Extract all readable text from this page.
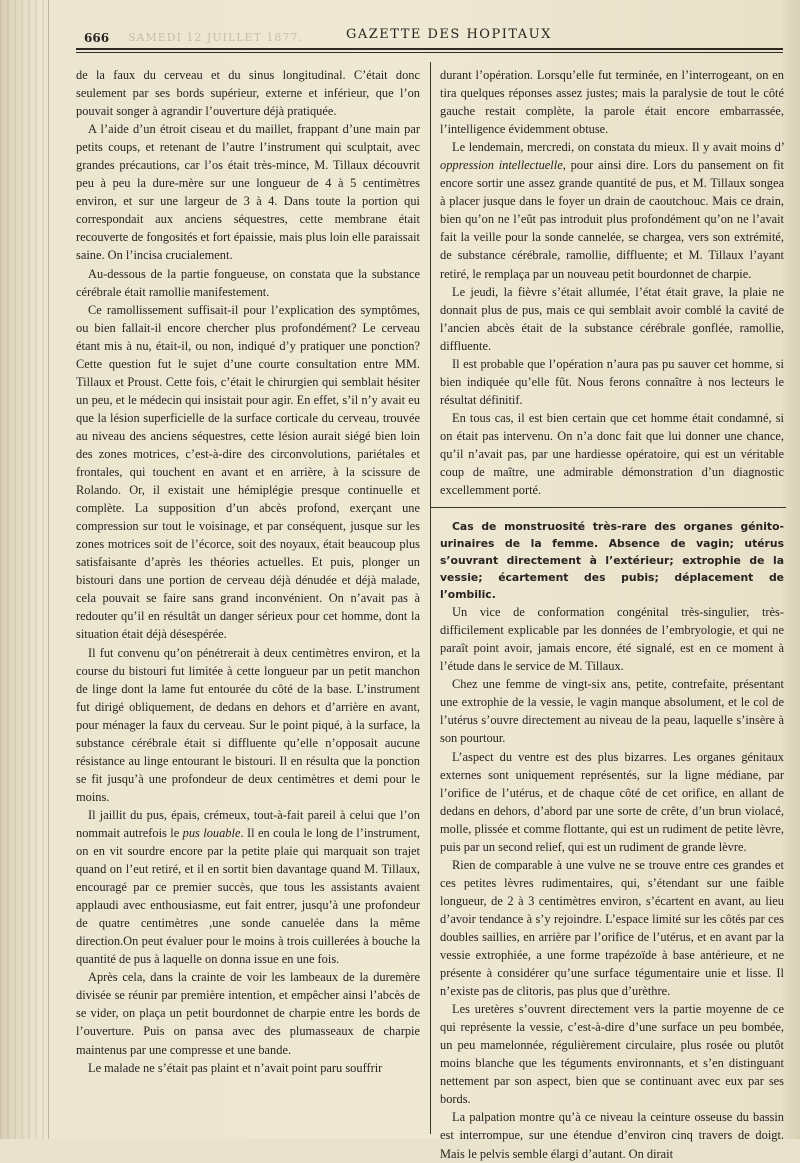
666 SAMEDI 12 JUILLET 1877.	GAZETTE DES HOPITAUX

de la faux du cerveau et du sinus longitudinal. C’était donc seulement par ses bords supérieur, externe et inférieur, que l’on pouvait songer à agrandir l’ouverture déjà pratiquée.

A l’aide d’un étroit ciseau et du maillet, frappant d’une main par petits coups, et retenant de l’autre l’instrument qui sculptait, avec grandes précautions, car l’os était très-mince, M. Tillaux découvrit peu à peu la dure-mère sur une longueur de 4 à 5 centimètres environ, et sur une largeur de 3 à 4. Dans toute la portion qui correspondait aux anciens séquestres, cette membrane était recouverte de fongosités et fort épaissie, mais plus loin elle paraissait saine. On l’incisa crucialement.

Au-dessous de la partie fongueuse, on constata que la substance cérébrale était ramollie manifestement.

Ce ramollissement suffisait-il pour l’explication des symptômes, ou bien fallait-il encore chercher plus profondément? Le cerveau étant mis à nu, était-il, ou non, indiqué d’y pratiquer une ponction? Cette question fut le sujet d’une courte consultation entre MM. Tillaux et Proust. Cette fois, c’était le chirurgien qui semblait hésiter un peu, et le médecin qui insistait pour agir. En effet, s’il n’y avait eu que la lésion superficielle de la surface corticale du cerveau, trouvée au niveau des anciens séquestres, cette lésion aurait siégé bien loin des zones motrices, c’est-à-dire des circonvolutions, pariétales et frontales, qui touchent en avant et en arrière, à la scissure de Rolando. Or, il existait une hémiplégie presque continuelle et complète. La supposition d’un abcès profond, exerçant une compression sur tout le voisinage, et par conséquent, jusque sur les zones motrices soit de l’écorce, soit des noyaux, était beaucoup plus satisfaisante d’après les théories actuelles. Et puis, plonger un bistouri dans une portion de cerveau déjà dénudée et déjà malade, cela pouvait se faire sans grand inconvénient. On n’avait pas à redouter qu’il en résultât un danger sérieux pour cet homme, dont la situation était déjà désespérée.

Il fut convenu qu’on pénétrerait à deux centimètres environ, et la course du bistouri fut limitée à cette longueur par un petit manchon de linge dont la lame fut entourée du côté de la base. L’instrument fut dirigé obliquement, de dedans en dehors et d’arrière en avant, pour ménager la faux du cerveau. Sur le point piqué, à la surface, la substance cérébrale était si diffluente qu’elle n’opposait aucune résistance au linge entourant le bistouri. Il en résulta que la ponction se fit jusqu’à une profondeur de deux centimètres et demi pour le moins.

Il jaillit du pus, épais, crémeux, tout-à-fait pareil à celui que l’on nommait autrefois le pus louable. Il en coula le long de l’instrument, on en vit sourdre encore par la petite plaie qui marquait son trajet quand on l’eut retiré, et il en sortit bien davantage quand M. Tillaux, encouragé par ce premier succès, que tous les assistants avaient applaudi avec enthousiasme, eut fait entrer, jusqu’à une profondeur de quatre centimètres ,une sonde canuelée dans la même direction.On peut évaluer pour le moins à trois cuillerées à bouche la quantité de pus à laquelle on donna issue en une fois.

Après cela, dans la crainte de voir les lambeaux de la duremère divisée se réunir par première intention, et empêcher ainsi l’abcès de se vider, on plaça un petit bourdonnet de charpie entre les bords de l’ouverture. Puis on pansa avec des plumasseaux de charpie maintenus par une compresse et une bande.

Le malade ne s’était pas plaint et n’avait point paru souffrir

durant l’opération. Lorsqu’elle fut terminée, en l’interrogeant, on en tira quelques réponses assez justes; mais la paralysie de tout le côté gauche restait complète, la parole était encore embarrassée, l’intelligence évidemment obtuse.

Le lendemain, mercredi, on constata du mieux. Il y avait moins d’ oppression intellectuelle, pour ainsi dire. Lors du pansement on fit encore sortir une assez grande quantité de pus, et M. Tillaux songea à placer jusque dans le foyer un drain de caoutchouc. Mais ce drain, bien qu’on ne l’eût pas introduit plus profondément qu’on ne l’avait fait la veille pour la sonde cannelée, se chargea, vers son extrémité, de substance cérébrale, ramollie, diffluente; et M. Tillaux l’ayant retiré, le remplaça par un nouveau petit bourdonnet de charpie.

Le jeudi, la fièvre s’était allumée, l’état était grave, la plaie ne donnait plus de pus, mais ce qui semblait avoir comblé la cavité de l’ancien abcès était de la substance cérébrale gonflée, ramollie, diffluente.

Il est probable que l’opération n’aura pas pu sauver cet homme, si bien indiquée qu’elle fût. Nous ferons connaître à nos lecteurs le résultat définitif.

En tous cas, il est bien certain que cet homme était condamné, si on était pas intervenu. On n’a donc fait que lui donner une chance, qu’il n’avait pas, par une hardiesse opératoire, qui est un véritable coup de maître, une admirable démonstration d’un diagnostic excellemment porté.

Cas de monstruosité très-rare des organes génito-urinaires de la femme. Absence de vagin; utérus s’ouvrant directement à l’extérieur; extrophie de la vessie; écartement des pubis; déplacement de l’ombilic.

Un vice de conformation congénital très-singulier, très-difficilement explicable par les données de l’embryologie, et qui ne paraît point avoir, jamais encore, été signalé, est en ce moment à l’étude dans le service de M. Tillaux.

Chez une femme de vingt-six ans, petite, contrefaite, présentant une extrophie de la vessie, le vagin manque absolument, et le col de l’utérus s’ouvre directement au niveau de la peau, laquelle s’insère à son pourtour.

L’aspect du ventre est des plus bizarres. Les organes génitaux externes sont uniquement représentés, sur la ligne médiane, par l’orifice de l’utérus, et de chaque côté de cet orifice, en allant de dedans en dehors, d’abord par une sorte de crête, d’un brun violacé, molle, plissée et comme flottante, qui est un rudiment de petite lèvre, puis par un second relief, qui est un rudiment de grande lèvre.

Rien de comparable à une vulve ne se trouve entre ces grandes et ces petites lèvres rudimentaires, qui, s’étendant sur une faible longueur, de 2 à 3 centimètres environ, s’écartent en avant, au lieu d’avoir tendance à s’y rejoindre. L’espace limité sur les côtés par ces doubles saillies, en arrière par l’orifice de l’utérus, et en avant par la vessie extrophiée, a une forme trapézoïde à base antérieure, et ne présente à considérer qu’une surface tégumentaire unie et lisse. Il n’existe pas de clitoris, pas plus que d’urèthre.

Les uretères s’ouvrent directement vers la partie moyenne de ce qui représente la vessie, c’est-à-dire d’une surface un peu bombée, un peu mamelonnée, régulièrement circulaire, plus rosée ou plutôt moins blanche que les téguments environnants, et s’en distinguant nettement par son aspect, bien que se continuant avec eux par ses bords.

La palpation montre qu’à ce niveau la ceinture osseuse du bassin est interrompue, sur une étendue d’environ cinq travers de doigt. Mais le pelvis semble élargi d’autant. On dirait
